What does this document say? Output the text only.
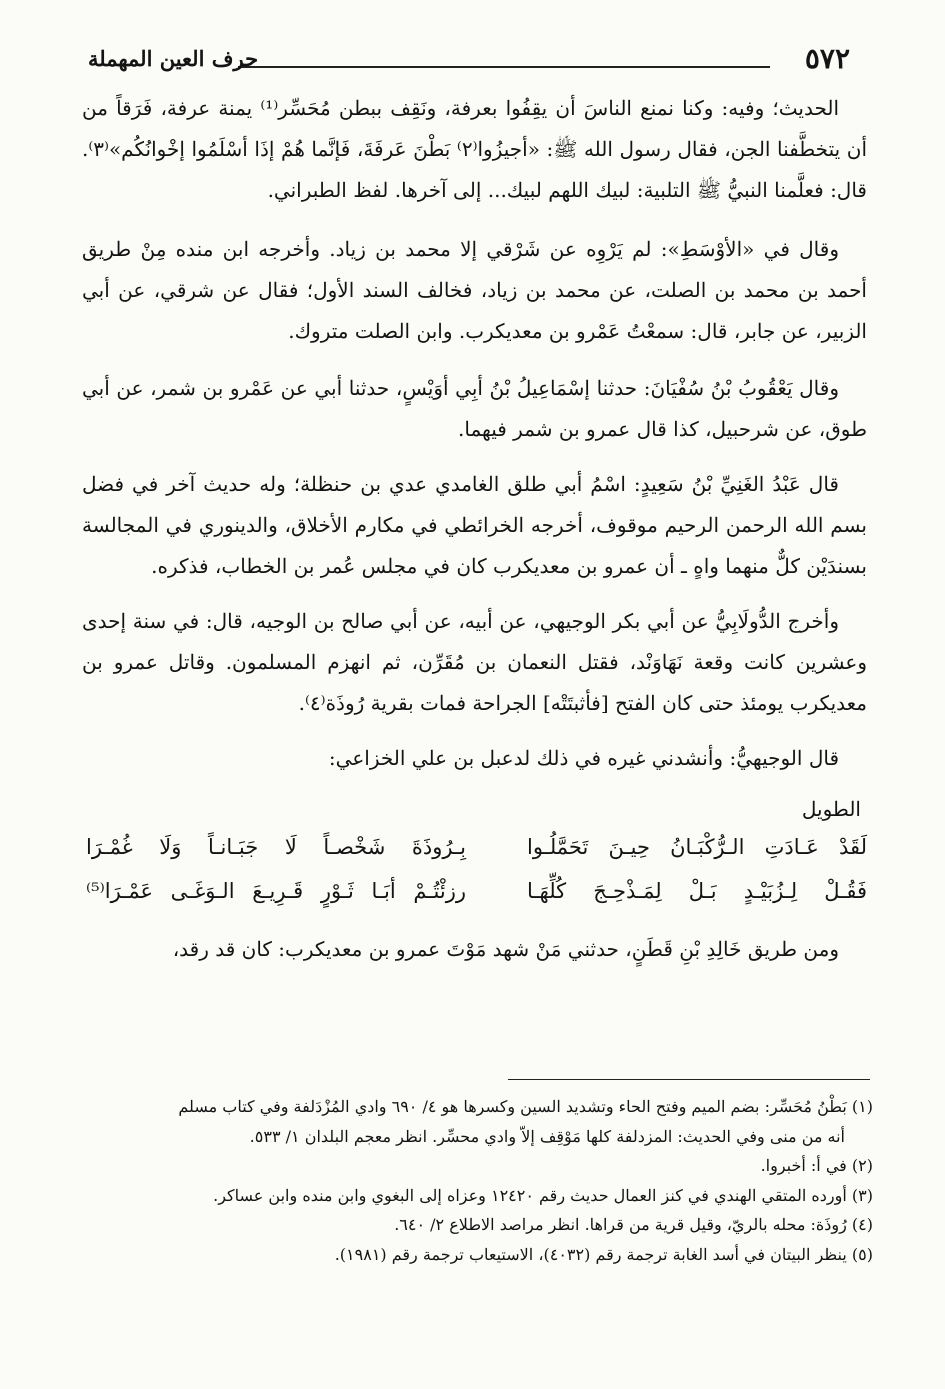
٥٧٢
حرف العين المهملة

الحديث؛ وفيه: وكنا نمنع الناسَ أن يقِفُوا بعرفة، ونَقِف ببطن مُحَسِّر⁽¹⁾ يمنة عرفة، فَرَقاً من أن يتخطَّفنا الجن، فقال رسول الله ﷺ: «أجيزُوا⁽٢⁾ بَطْنَ عَرفَةَ، فَإنَّما هُمْ إذَا أسْلَمُوا إخْوانُكُم»⁽٣⁾. قال: فعلَّمنا النبيُّ ﷺ التلبية: لبيك اللهم لبيك... إلى آخرها. لفظ الطبراني.

وقال في «الأوْسَطِ»: لم يَرْوِه عن شَرْقي إلا محمد بن زياد. وأخرجه ابن منده مِنْ طريق أحمد بن محمد بن الصلت، عن محمد بن زياد، فخالف السند الأول؛ فقال عن شرقي، عن أبي الزبير، عن جابر، قال: سمعْتُ عَمْرو بن معديكرب. وابن الصلت متروك.

وقال يَعْقُوبُ بْنُ سُفْيَانَ: حدثنا إسْمَاعِيلُ بْنُ أبِي أوَيْسٍ، حدثنا أبي عن عَمْرو بن شمر، عن أبي طوق، عن شرحبيل، كذا قال عمرو بن شمر فيهما.

قال عَبْدُ الغَنِيِّ بْنُ سَعِيدٍ: اسْمُ أبي طلق الغامدي عدي بن حنظلة؛ وله حديث آخر في فضل بسم الله الرحمن الرحيم موقوف، أخرجه الخرائطي في مكارم الأخلاق، والدينوري في المجالسة بسندَيْن كلٌّ منهما واهٍ ـ أن عمرو بن معديكرب كان في مجلس عُمر بن الخطاب، فذكره.

وأخرج الدُّولَابِيُّ عن أبي بكر الوجيهي، عن أبيه، عن أبي صالح بن الوجيه، قال: في سنة إحدى وعشرين كانت وقعة نَهَاوَنْد، فقتل النعمان بن مُقَرِّن، ثم انهزم المسلمون. وقاتل عمرو بن معديكرب يومئذ حتى كان الفتح [فأثبتَتْه] الجراحة فمات بقرية رُوذَة⁽٤⁾.

قال الوجيهيُّ: وأنشدني غيره في ذلك لدعبل بن علي الخزاعي:

الطويل
لَقَدْ عَـادَتِ الـرُّكْبَـانُ حِيـنَ تَحَمَّلُـوا
بِـرُوذَةَ شَخْصـاً لَا جَبَـانـاً وَلَا غُمْـرَا
فَقُـلْ لِـزُبَيْـدٍ بَـلْ لِمَـذْحِـجَ كُلِّهَـا
رزئْتُـمْ أبَـا ثَـوْرٍ قَـرِيـعَ الـوَغَـى عَمْـرَا⁽⁵⁾

ومن طريق خَالِدِ بْنِ قَطَنٍ، حدثني مَنْ شهد مَوْتَ عمرو بن معديكرب: كان قد رقد،

(١) بَطْنُ مُحَسِّر: بضم الميم وفتح الحاء وتشديد السين وكسرها هو ٤/ ٦٩٠ وادي المُزْدَلفة وفي كتاب مسلم

أنه من منى وفي الحديث: المزدلفة كلها مَوْقِف إلاّ وادي محسِّر. انظر معجم البلدان ١/ ٥٣٣.

(٢) في أ: أخبروا.

(٣) أورده المتقي الهندي في كنز العمال حديث رقم ١٢٤٢٠ وعزاه إلى البغوي وابن منده وابن عساكر.

(٤) رُوذَة: محله بالريّ، وقيل قرية من قراها. انظر مراصد الاطلاع ٢/ ٦٤٠.

(٥) ينظر البيتان في أسد الغابة ترجمة رقم (٤٠٣٢)، الاستيعاب ترجمة رقم (١٩٨١).
